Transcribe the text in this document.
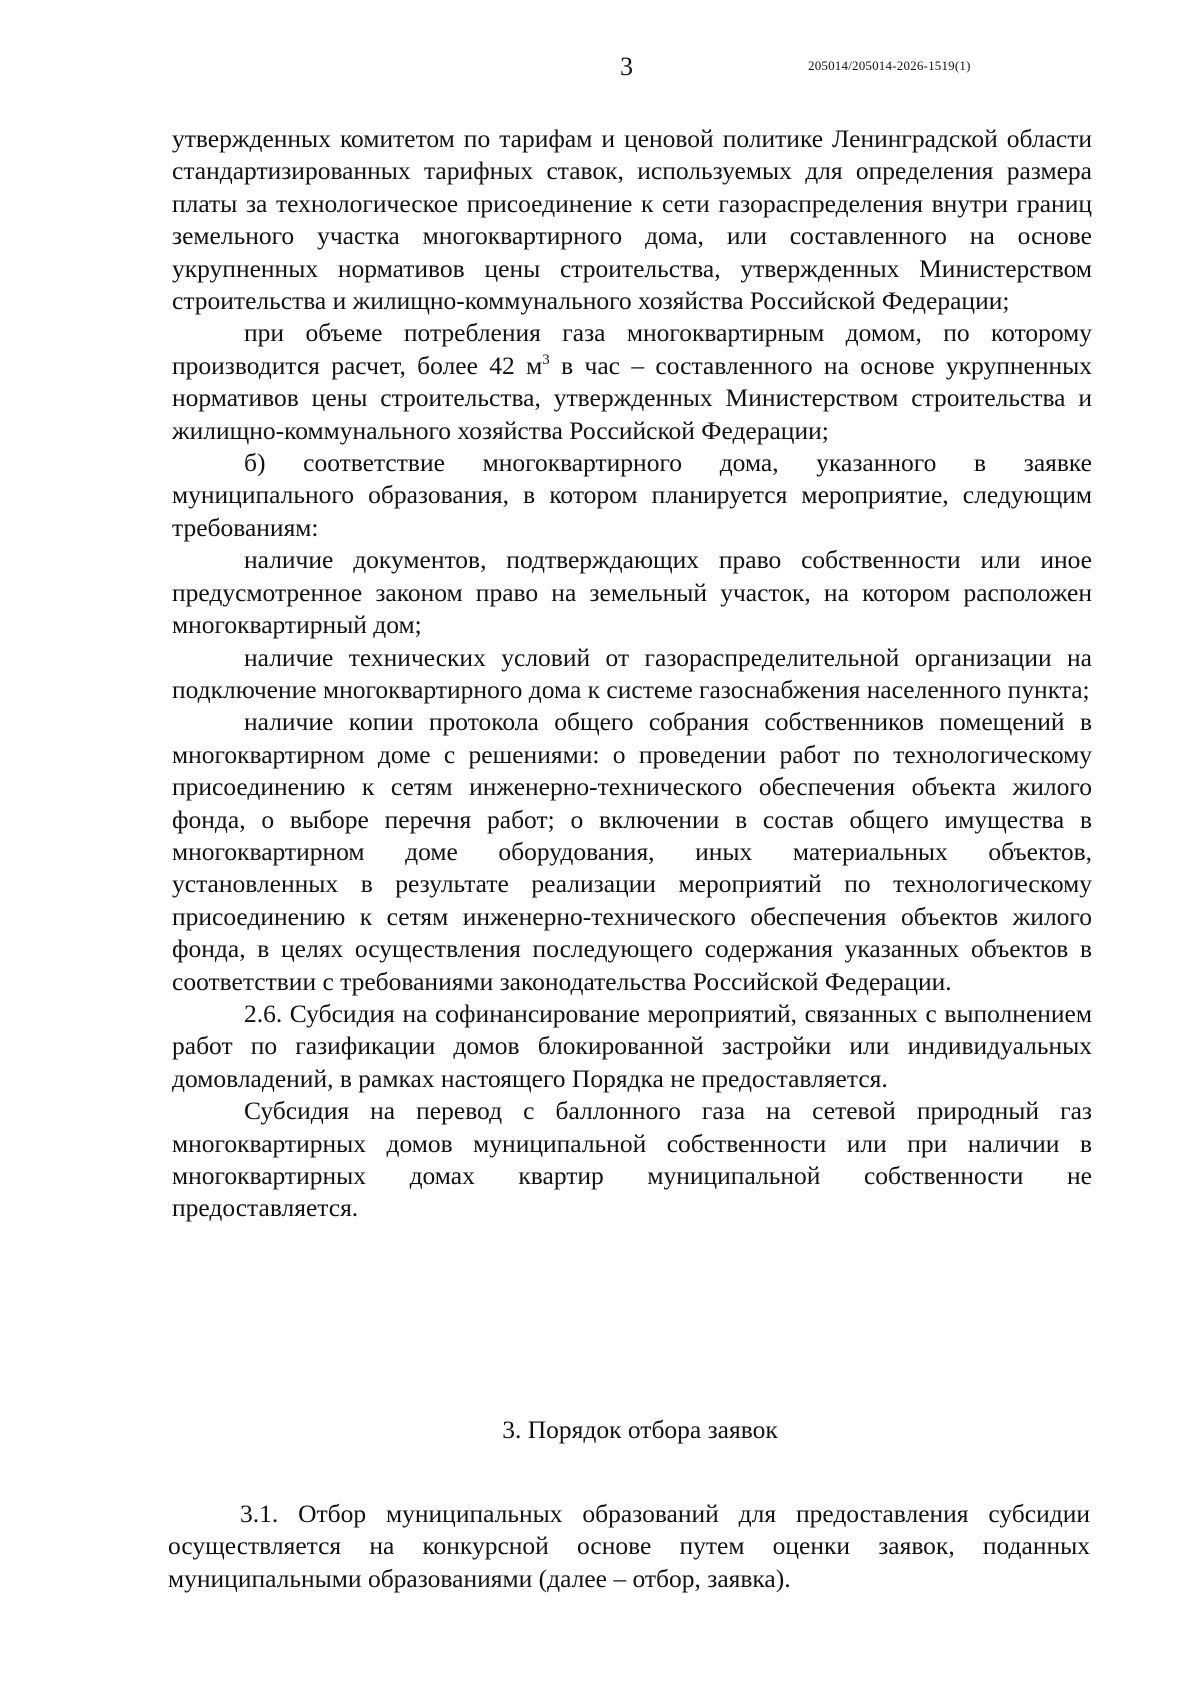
3	205014/205014-2026-1519(1)

утвержденных комитетом по тарифам и ценовой политике Ленинградской области стандартизированных тарифных ставок, используемых для определения размера платы за технологическое присоединение к сети газораспределения внутри границ земельного участка многоквартирного дома, или составленного на основе укрупненных нормативов цены строительства, утвержденных Министерством строительства и жилищно-коммунального хозяйства Российской Федерации;

при объеме потребления газа многоквартирным домом, по которому производится расчет, более 42 $м^3$ в час – составленного на основе укрупненных нормативов цены строительства, утвержденных Министерством строительства и жилищно-коммунального хозяйства Российской Федерации;

б) соответствие многоквартирного дома, указанного в заявке муниципального образования, в котором планируется мероприятие, следующим требованиям:

наличие документов, подтверждающих право собственности или иное предусмотренное законом право на земельный участок, на котором расположен многоквартирный дом;

наличие технических условий от газораспределительной организации на подключение многоквартирного дома к системе газоснабжения населенного пункта;

наличие копии протокола общего собрания собственников помещений в многоквартирном доме с решениями: о проведении работ по технологическому присоединению к сетям инженерно-технического обеспечения объекта жилого фонда, о выборе перечня работ; о включении в состав общего имущества в многоквартирном доме оборудования, иных материальных объектов, установленных в результате реализации мероприятий по технологическому присоединению к сетям инженерно-технического обеспечения объектов жилого фонда, в целях осуществления последующего содержания указанных объектов в соответствии с требованиями законодательства Российской Федерации.

2.6. Субсидия на софинансирование мероприятий, связанных с выполнением работ по газификации домов блокированной застройки или индивидуальных домовладений, в рамках настоящего Порядка не предоставляется.

Субсидия на перевод с баллонного газа на сетевой природный газ многоквартирных домов муниципальной собственности или при наличии в многоквартирных домах квартир муниципальной собственности не предоставляется.

3. Порядок отбора заявок

3.1. Отбор муниципальных образований для предоставления субсидии осуществляется на конкурсной основе путем оценки заявок, поданных муниципальными образованиями (далее – отбор, заявка).
